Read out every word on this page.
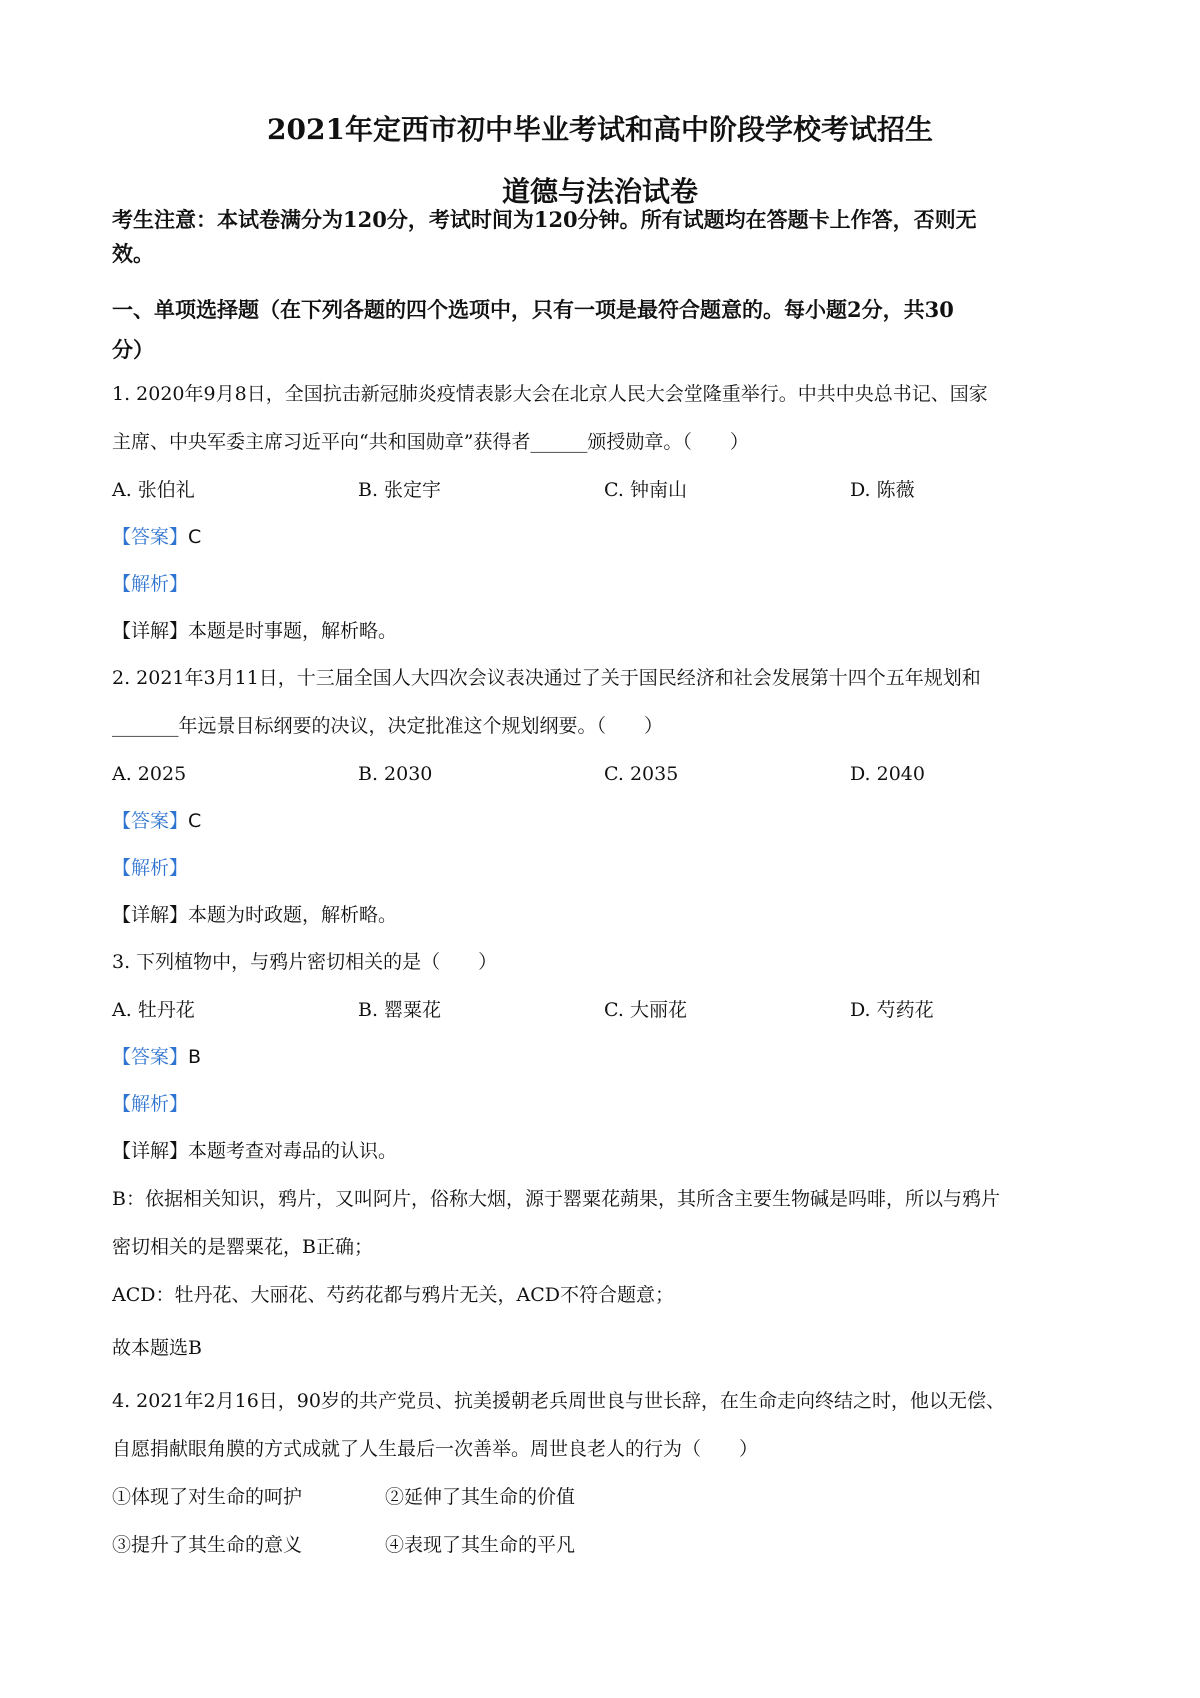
2021年定西市初中毕业考试和高中阶段学校考试招生
道德与法治试卷
考生注意：本试卷满分为120分，考试时间为120分钟。所有试题均在答题卡上作答，否则无
效。
一、单项选择题（在下列各题的四个选项中，只有一项是最符合题意的。每小题2分，共30
分）
1. 2020年9月8日，全国抗击新冠肺炎疫情表影大会在北京人民大会堂隆重举行。中共中央总书记、国家
主席、中央军委主席习近平向“共和国勋章”获得者______颁授勋章。（　　）
A. 张伯礼	B. 张定宇	C. 钟南山	D. 陈薇
【答案】C
【解析】
【详解】本题是时事题，解析略。
2. 2021年3月11日，十三届全国人大四次会议表决通过了关于国民经济和社会发展第十四个五年规划和
_______年远景目标纲要的决议，决定批准这个规划纲要。（　　）
A. 2025	B. 2030	C. 2035	D. 2040
【答案】C
【解析】
【详解】本题为时政题，解析略。
3. 下列植物中，与鸦片密切相关的是（　　）
A. 牡丹花	B. 罂粟花	C. 大丽花	D. 芍药花
【答案】B
【解析】
【详解】本题考查对毒品的认识。
B：依据相关知识，鸦片，又叫阿片，俗称大烟，源于罂粟花蒴果，其所含主要生物碱是吗啡，所以与鸦片
密切相关的是罂粟花，B正确；
ACD：牡丹花、大丽花、芍药花都与鸦片无关，ACD不符合题意；
故本题选B
4. 2021年2月16日，90岁的共产党员、抗美援朝老兵周世良与世长辞，在生命走向终结之时，他以无偿、
自愿捐献眼角膜的方式成就了人生最后一次善举。周世良老人的行为（　　）
①体现了对生命的呵护	②延伸了其生命的价值
③提升了其生命的意义	④表现了其生命的平凡
